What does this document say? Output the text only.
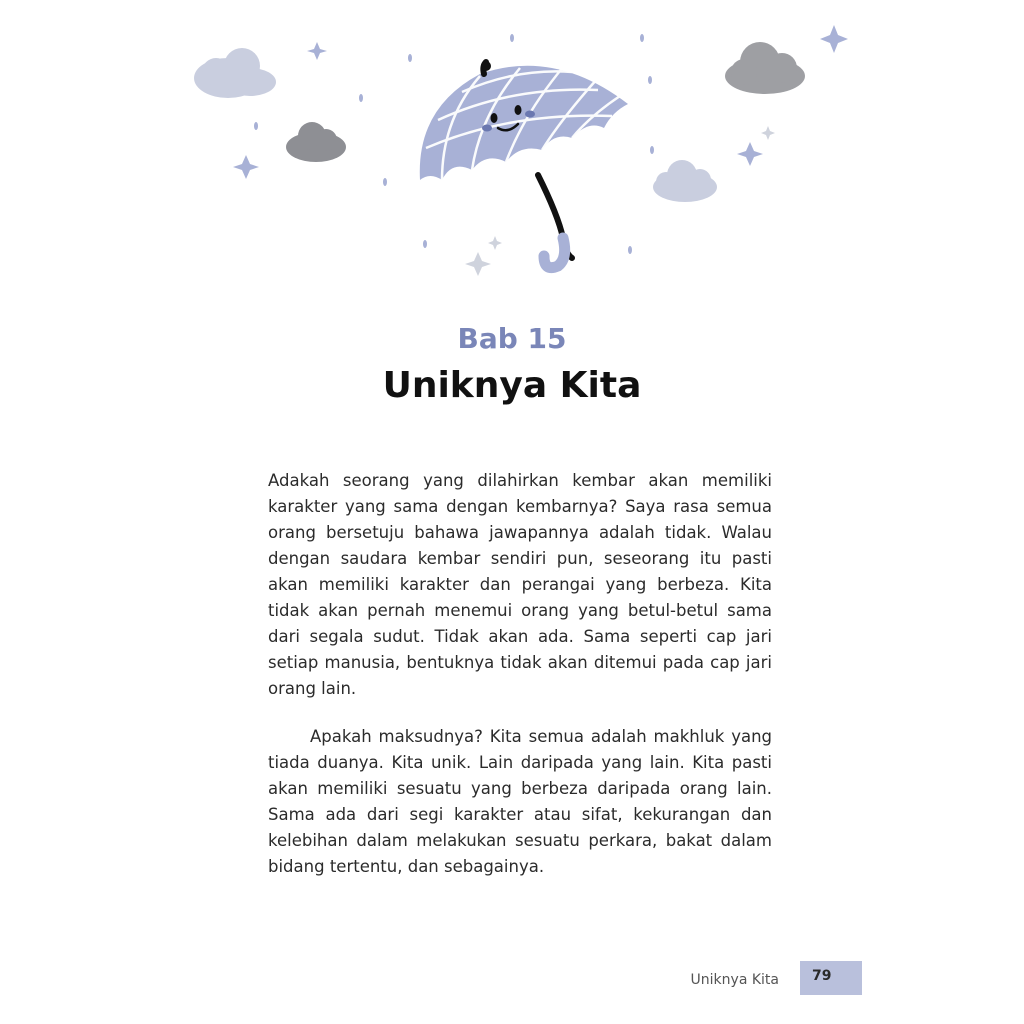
Bab 15
Uniknya Kita

Adakah seorang yang dilahirkan kembar akan memiliki karakter yang sama dengan kembarnya? Saya rasa semua orang bersetuju bahawa jawapannya adalah tidak. Walau dengan saudara kembar sendiri pun, seseorang itu pasti akan memiliki karakter dan perangai yang berbeza. Kita tidak akan pernah menemui orang yang betul-betul sama dari segala sudut. Tidak akan ada. Sama seperti cap jari setiap manusia, bentuknya tidak akan ditemui pada cap jari orang lain.

Apakah maksudnya? Kita semua adalah makhluk yang tiada duanya. Kita unik. Lain daripada yang lain. Kita pasti akan memiliki sesuatu yang berbeza daripada orang lain. Sama ada dari segi karakter atau sifat, kekurangan dan kelebihan dalam melakukan sesuatu perkara, bakat dalam bidang tertentu, dan sebagainya.

Uniknya Kita 79
